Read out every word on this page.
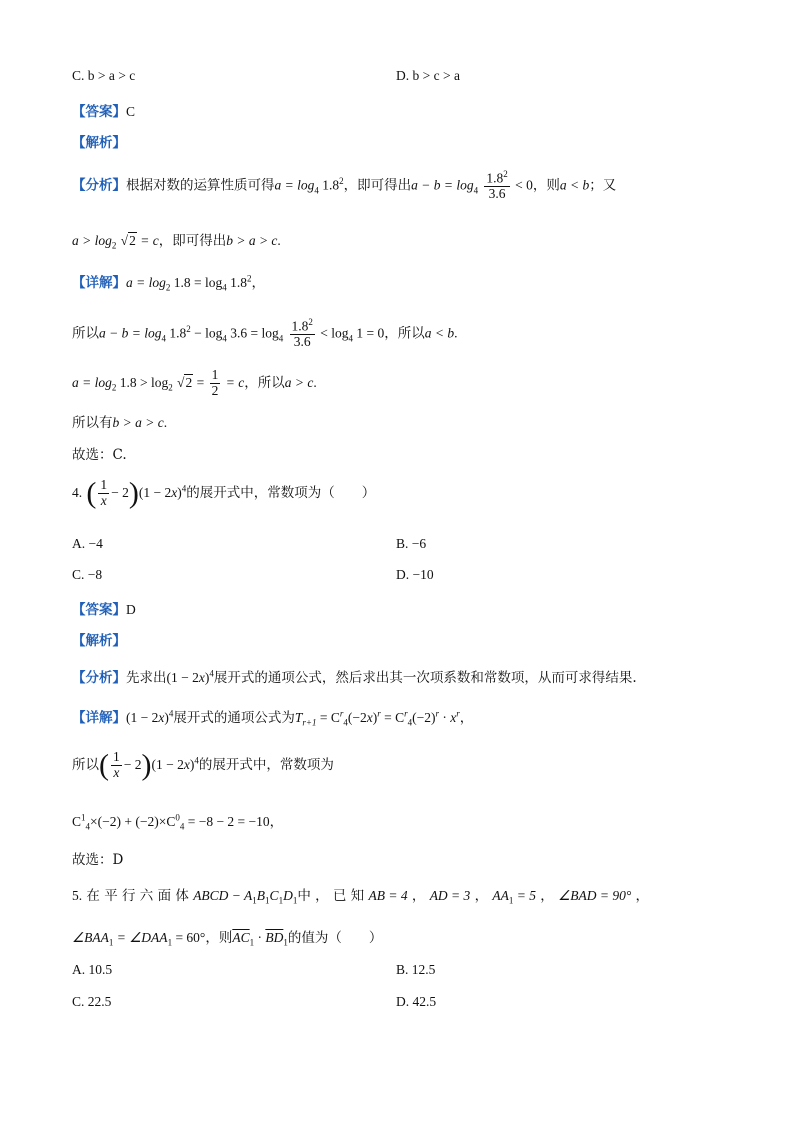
C. b > a > c	D. b > c > a
【答案】C
【解析】
【分析】根据对数的运算性质可得$a = \log_4 1.8^2$，即可得出$a - b = \log_4 \frac{1.8^2}{3.6} < 0$，则a < b；又
$a > \log_2 √2 = c$，即可得出b > a > c.
【详解】$a = \log_2 1.8 = \log_4 1.8^2$，
所以$a - b = \log_4 1.8^2 - \log_4 3.6 = \log_4 \frac{1.8^2}{3.6} < \log_4 1 = 0$，所以a < b.
$a = \log_2 1.8 > \log_2 √2 = \frac{1}{2} = c$，所以a > c.
所以有b > a > c.
故选：C.
4. ( $\frac{1}{x} - 2)(1 - 2x)^4$的展开式中，常数项为（　　）
A. −4	B. −6
C. −8	D. −10
【答案】D
【解析】
【分析】先求出$(1 - 2x)^4$展开式的通项公式，然后求出其一次项系数和常数项，从而可求得结果.
【详解】$(1 - 2x)^4$展开式的通项公式为$T_{r+1} = C^r_4(-2x)^r = C^r_4(-2)^r \cdot x^r$，
所以( $\frac{1}{x} - 2)(1 - 2x)^4$的展开式中，常数项为
$C^1_4\times(-2) + (-2)\times C^0_4 = -8 - 2 = -10$，
故选：D
5. 在 平 行 六 面 体 ABCD − $A_1B_1C_1D_1$中 ， 已 知 AB = 4 ， AD = 3 ， $AA_1 = 5$ ， ∠BAD = 90° ，
$\angle BAA_1$ = $\angle DAA_1 = 60^\circ$，则$\overline{AC}_1 \cdot \overline{BD}_1$的值为（　　）
A. 10.5	B. 12.5
C. 22.5	D. 42.5
